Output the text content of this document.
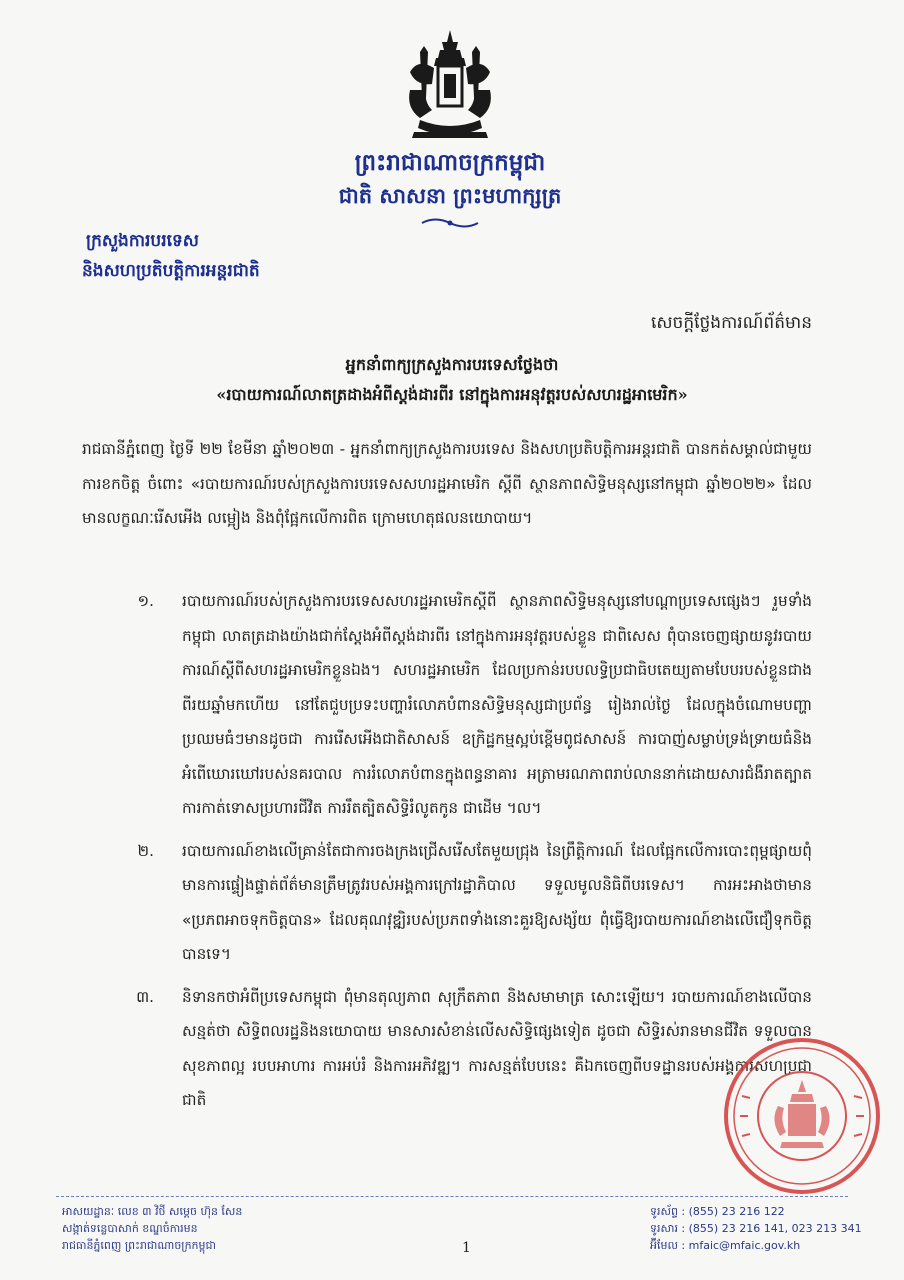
ព្រះរាជាណាចក្រកម្ពុជា
ជាតិ សាសនា ព្រះមហាក្សត្រ
ក្រសួងការបរទេស
និងសហប្រតិបត្តិការអន្តរជាតិ
សេចក្តីថ្លែងការណ៍ព័ត៌មាន
អ្នកនាំពាក្យក្រសួងការបរទេសថ្លែងថា
«របាយការណ៍លាតត្រដាងអំពីស្តង់ដារពីរ នៅក្នុងការអនុវត្តរបស់សហរដ្ឋអាមេរិក»
រាជធានីភ្នំពេញ ថ្ងៃទី ២២ ខែមីនា ឆ្នាំ២០២៣ - អ្នកនាំពាក្យក្រសួងការបរទេស និងសហប្រតិបត្តិការអន្តរជាតិ បានកត់សម្គាល់ជាមួយការខកចិត្ត ចំពោះ «របាយការណ៍របស់ក្រសួងការបរទេសសហរដ្ឋអាមេរិក ស្តីពី ស្ថានភាពសិទ្ធិមនុស្សនៅកម្ពុជា ឆ្នាំ២០២២» ដែលមានលក្ខណៈរើសអើង លម្អៀង និងពុំផ្អែកលើការពិត ក្រោមហេតុផលនយោបាយ។
១.	របាយការណ៍របស់ក្រសួងការបរទេសសហរដ្ឋអាមេរិកស្តីពី ស្ថានភាពសិទ្ធិមនុស្សនៅបណ្តាប្រទេសផ្សេងៗ រួមទាំងកម្ពុជា លាតត្រដាងយ៉ាងជាក់ស្តែងអំពីស្តង់ដារពីរ នៅក្នុងការអនុវត្តរបស់ខ្លួន ជាពិសេស ពុំបានចេញផ្សាយនូវរបាយការណ៍ស្តីពីសហរដ្ឋអាមេរិកខ្លួនឯង។ សហរដ្ឋអាមេរិក ដែលប្រកាន់របបលទ្ធិប្រជាធិបតេយ្យតាមបែបរបស់ខ្លួនជាងពីរយឆ្នាំមកហើយ នៅតែជួបប្រទះបញ្ហារំលោភបំពានសិទ្ធិមនុស្សជាប្រព័ន្ធ រៀងរាល់ថ្ងៃ ដែលក្នុងចំណោមបញ្ហាប្រឈមធំៗមានដូចជា ការរើសអើងជាតិសាសន៍ ឧក្រិដ្ឋកម្មស្អប់ខ្ពើមពូជសាសន៍ ការបាញ់សម្លាប់ទ្រង់ទ្រាយធំនិងអំពើឃោរឃៅរបស់នគរបាល ការរំលោភបំពានក្នុងពន្ធនាគារ អត្រាមរណភាពរាប់លាននាក់ដោយសារជំងឺរាតត្បាត ការកាត់ទោសប្រហារជីវិត ការរឹតត្បិតសិទ្ធិរំលូតកូន ជាដើម ។ល។
២.	របាយការណ៍ខាងលើគ្រាន់តែជាការចងក្រងជ្រើសរើសតែមួយជ្រុង នៃព្រឹត្តិការណ៍ ដែលផ្អែកលើការបោះពុម្ពផ្សាយពុំមានការផ្ទៀងផ្ទាត់ព័ត៌មានត្រឹមត្រូវរបស់អង្គការក្រៅរដ្ឋាភិបាល ទទួលមូលនិធិពីបរទេស។ ការអះអាងថាមាន «ប្រភពអាចទុកចិត្តបាន» ដែលគុណវុឌ្ឍិរបស់ប្រភពទាំងនោះគួរឱ្យសង្ស័យ ពុំធ្វើឱ្យរបាយការណ៍ខាងលើជឿទុកចិត្តបានទេ។
៣.	និទានកថាអំពីប្រទេសកម្ពុជា ពុំមានតុល្យភាព សុក្រឹតភាព និងសមាមាត្រ សោះឡើយ។ របាយការណ៍ខាងលើបានសន្មត់ថា សិទ្ធិពលរដ្ឋនិងនយោបាយ មានសារសំខាន់លើសសិទ្ធិផ្សេងទៀត ដូចជា សិទ្ធិរស់រានមានជីវិត ទទួលបានសុខភាពល្អ របបអាហារ ការអប់រំ និងការអភិវឌ្ឍ។ ការសន្មត់បែបនេះ គឺឯកចេញពីបទដ្ឋានរបស់អង្គការសហប្រជាជាតិ
អាសយដ្ឋានៈ លេខ ៣ វិថី សម្តេច ហ៊ុន សែន
សង្កាត់ទន្លេបាសាក់ ខណ្ឌចំការមន
រាជធានីភ្នំពេញ ព្រះរាជាណាចក្រកម្ពុជា	1
ទូរស័ព្ទ : (855) 23 216 122
ទូរសារ : (855) 23 216 141, 023 213 341
អ៊ីមែល : mfaic@mfaic.gov.kh
